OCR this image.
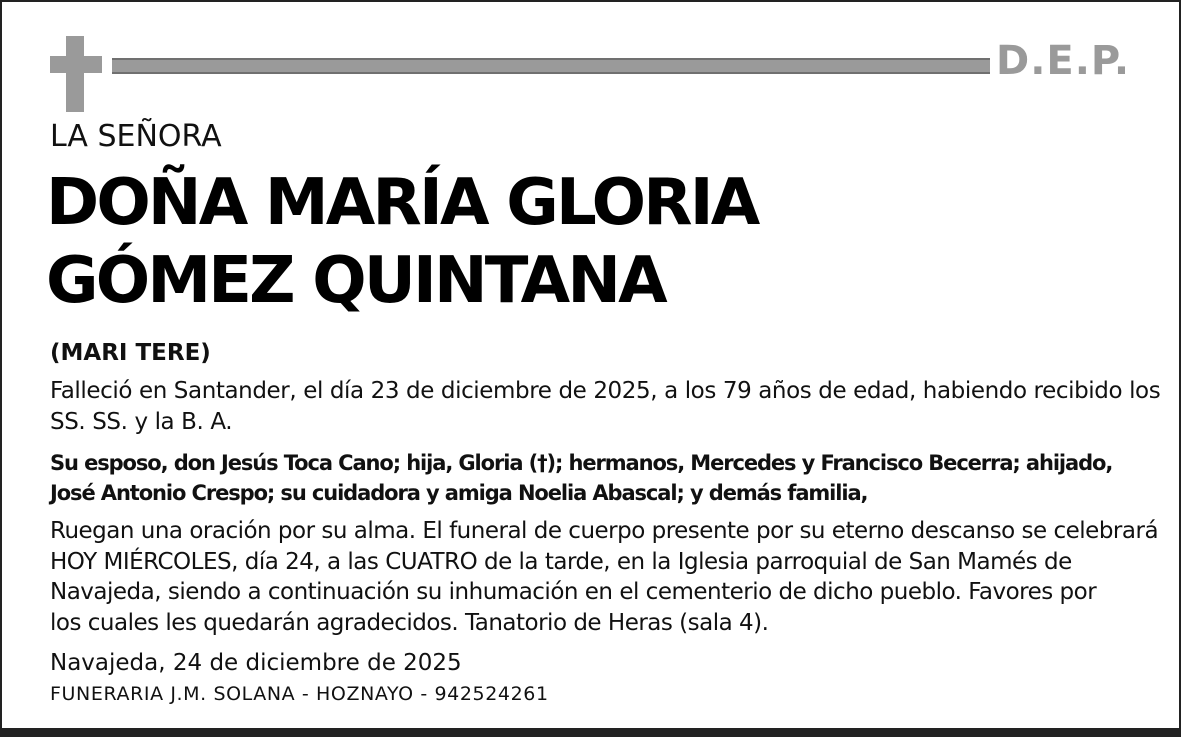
D.E.P.
LA SEÑORA
DOÑA MARÍA GLORIA
GÓMEZ QUINTANA
(MARI TERE)
Falleció en Santander, el día 23 de diciembre de 2025, a los 79 años de edad, habiendo recibido los
SS. SS. y la B. A.
Su esposo, don Jesús Toca Cano; hija, Gloria (†); hermanos, Mercedes y Francisco Becerra; ahijado,
José Antonio Crespo; su cuidadora y amiga Noelia Abascal; y demás familia,
Ruegan una oración por su alma. El funeral de cuerpo presente por su eterno descanso se celebrará
HOY MIÉRCOLES, día 24, a las CUATRO de la tarde, en la Iglesia parroquial de San Mamés de
Navajeda, siendo a continuación su inhumación en el cementerio de dicho pueblo. Favores por
los cuales les quedarán agradecidos. Tanatorio de Heras (sala 4).
Navajeda, 24 de diciembre de 2025
FUNERARIA J.M. SOLANA - HOZNAYO - 942524261
